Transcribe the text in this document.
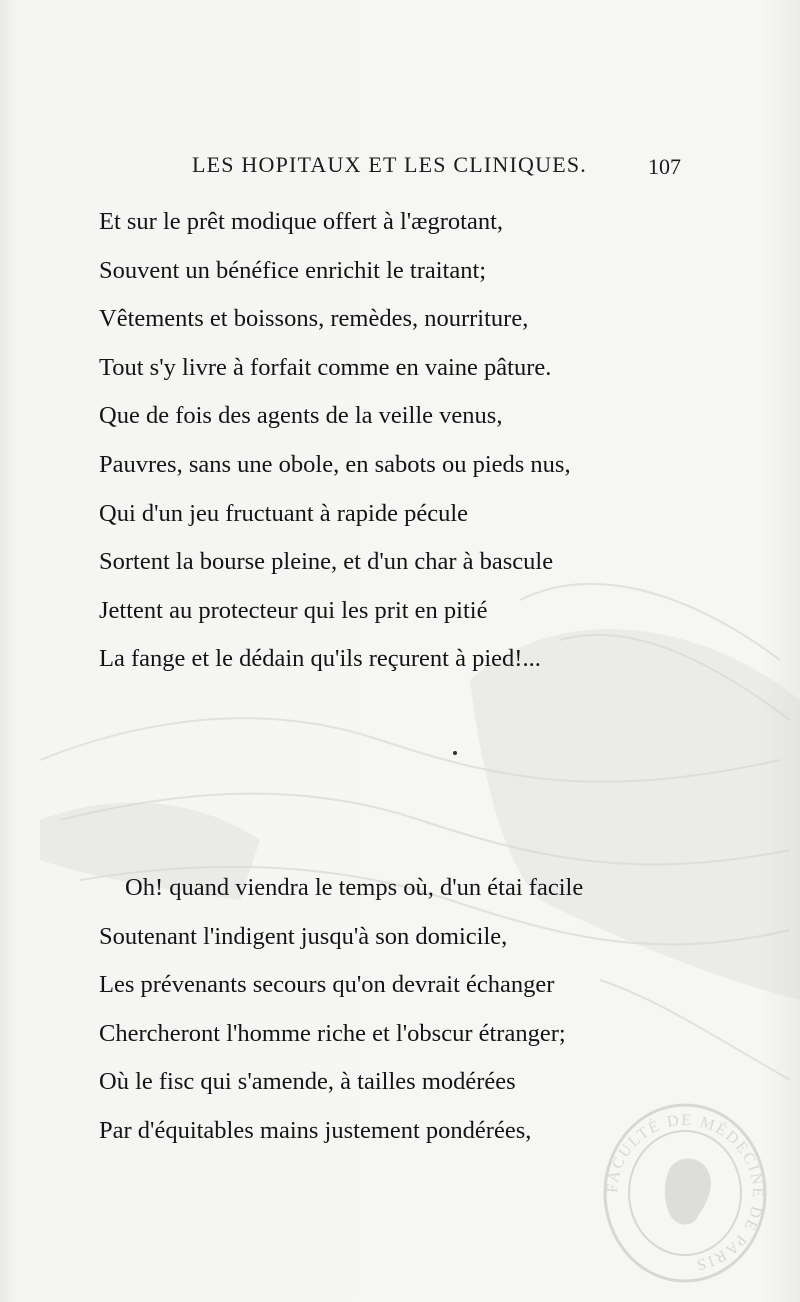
LES HOPITAUX ET LES CLINIQUES.	107
Et sur le prêt modique offert à l'ægrotant,
Souvent un bénéfice enrichit le traitant;
Vêtements et boissons, remèdes, nourriture,
Tout s'y livre à forfait comme en vaine pâture.
Que de fois des agents de la veille venus,
Pauvres, sans une obole, en sabots ou pieds nus,
Qui d'un jeu fructuant à rapide pécule
Sortent la bourse pleine, et d'un char à bascule
Jettent au protecteur qui les prit en pitié
La fange et le dédain qu'ils reçurent à pied!...
Oh! quand viendra le temps où, d'un étai facile
Soutenant l'indigent jusqu'à son domicile,
Les prévenants secours qu'on devrait échanger
Chercheront l'homme riche et l'obscur étranger;
Où le fisc qui s'amende, à tailles modérées
Par d'équitables mains justement pondérées,
FACULTÉ DE MÉDECINE DE PARIS
